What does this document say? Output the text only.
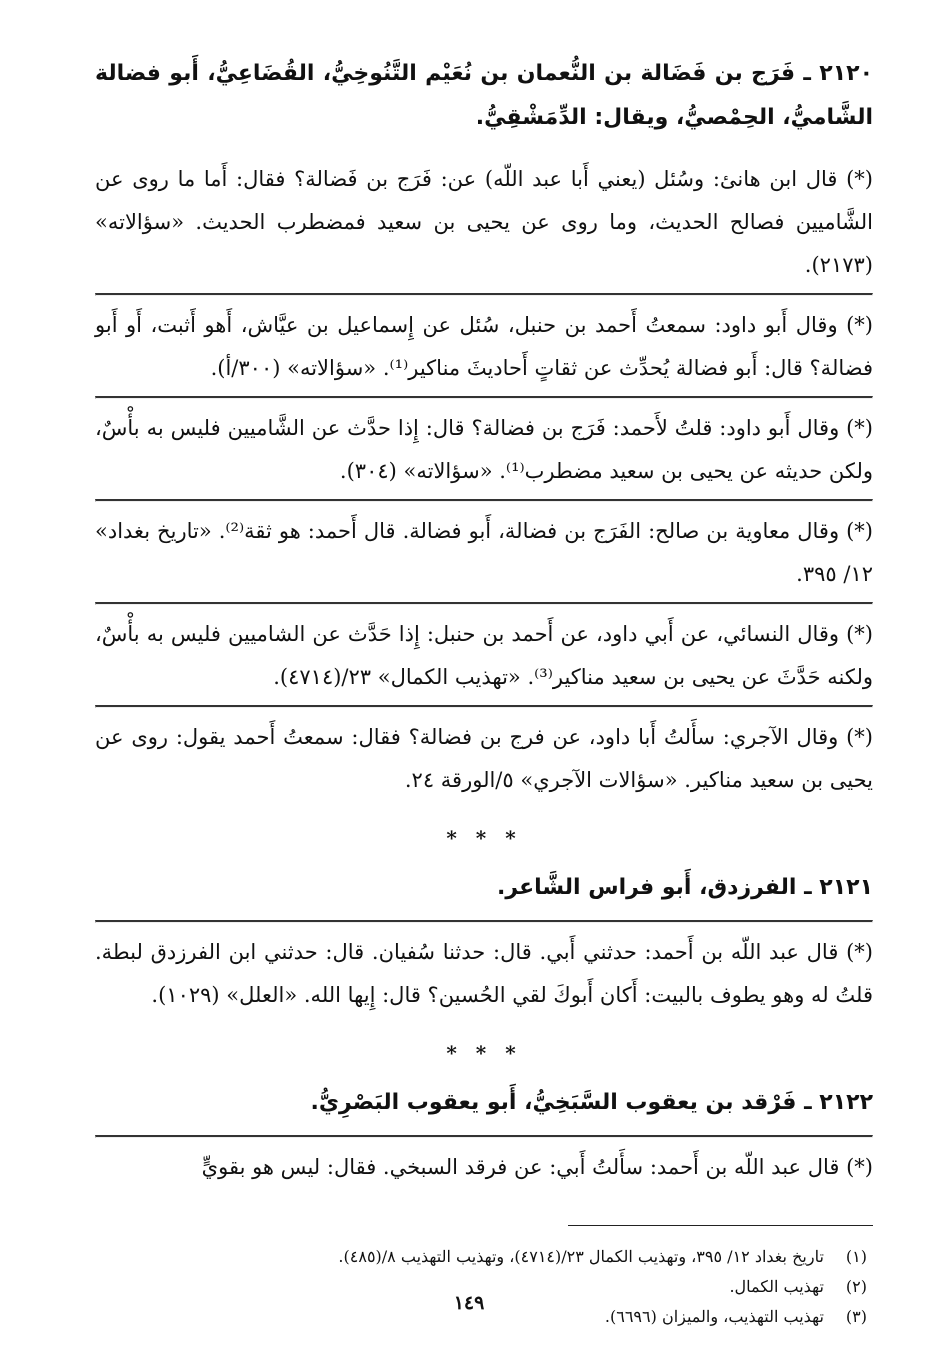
٢١٢٠ ـ فَرَج بن فَضَالة بن النُّعمان بن نُعَيْم التَّنُوخِيُّ، القُضَاعِيُّ، أَبو فضالة الشَّاميُّ، الحِمْصيُّ، ويقال: الدِّمَشْقِيُّ.

(*) قال ابن هانئ: وسُئل (يعني أَبا عبد اللّه) عن: فَرَج بن فَضالة؟ فقال: أَما ما روى عن الشَّاميين فصالح الحديث، وما روى عن يحيى بن سعيد فمضطرب الحديث. «سؤالاته» (٢١٧٣).

(*) وقال أَبو داود: سمعتُ أَحمد بن حنبل، سُئل عن إِسماعيل بن عيَّاش، أَهو أَثبت، أَو أَبو فضالة؟ قال: أَبو فضالة يُحدِّث عن ثقاتٍ أَحاديثَ مناكير⁽¹⁾. «سؤالاته» (٣٠٠/أ).

(*) وقال أَبو داود: قلتُ لأَحمد: فَرَج بن فضالة؟ قال: إِذا حدَّث عن الشَّاميين فليس به بأْسٌ، ولكن حديثه عن يحيى بن سعيد مضطرب⁽¹⁾. «سؤالاته» (٣٠٤).

(*) وقال معاوية بن صالح: الفَرَج بن فضالة، أَبو فضالة. قال أَحمد: هو ثقة⁽²⁾. «تاريخ بغداد» ١٢/ ٣٩٥.

(*) وقال النسائي، عن أَبي داود، عن أَحمد بن حنبل: إِذا حَدَّث عن الشاميين فليس به بأْسٌ، ولكنه حَدَّثَ عن يحيى بن سعيد مناكير⁽³⁾. «تهذيب الكمال» ٢٣/(٤٧١٤).

(*) وقال الآجري: سأَلتُ أَبا داود، عن فرج بن فضالة؟ فقال: سمعتُ أَحمد يقول: روى عن يحيى بن سعيد مناكير. «سؤالات الآجري» ٥/الورقة ٢٤.

* * *
٢١٢١ ـ الفرزدق، أَبو فراس الشَّاعر.

(*) قال عبد اللّه بن أَحمد: حدثني أَبي. قال: حدثنا سُفيان. قال: حدثني ابن الفرزدق لبطة. قلتُ له وهو يطوف بالبيت: أَكان أَبوكَ لقي الحُسين؟ قال: إِيها الله. «العلل» (١٠٢٩).

* * *
٢١٢٢ ـ فَرْقد بن يعقوب السَّبَخِيُّ، أَبو يعقوب البَصْرِيُّ.

(*) قال عبد اللّه بن أَحمد: سأَلتُ أَبي: عن فرقد السبخي. فقال: ليس هو بقويٍّ

(١) تاريخ بغداد ١٢/ ٣٩٥، وتهذيب الكمال ٢٣/(٤٧١٤)، وتهذيب التهذيب ٨/(٤٨٥).

(٢) تهذيب الكمال.

(٣) تهذيب التهذيب، والميزان (٦٦٩٦).

١٤٩
